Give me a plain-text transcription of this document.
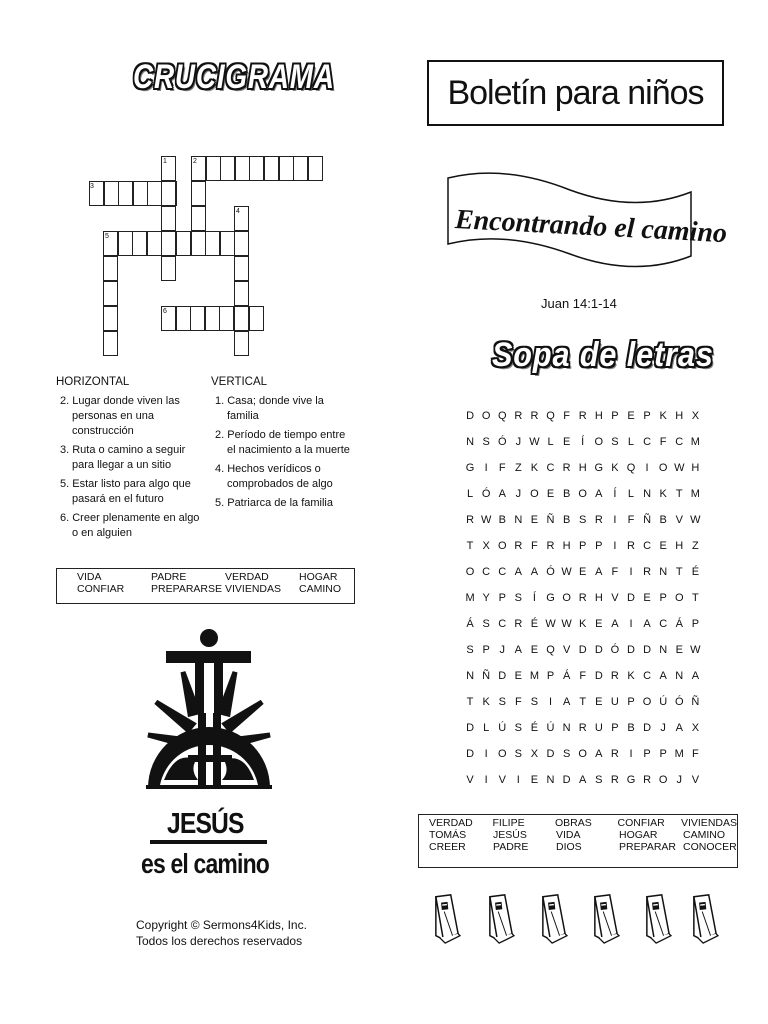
CRUCIGRAMA
1	2
3
4
5
6
HORIZONTAL

2. Lugar donde viven las personas en una construcción

3. Ruta o camino a seguir para llegar a un sitio

5. Estar listo para algo que pasará en el futuro

6. Creer plenamente en algo o en alguien

VERTICAL

1. Casa; donde vive la familia

2. Período de tiempo entre el nacimiento a la muerte

4. Hechos verídicos o comprobados de algo

5. Patriarca de la familia

VIDA	PADRE	VERDAD	HOGAR
CONFIAR	PREPARARSE VIVIENDAS	CAMINO
JESÚS
es el camino
Copyright © Sermons4Kids, Inc.
Todos los derechos reservados
Boletín para niños
Encontrando el camino
Juan 14:1-14
Sopa de letras
D O Q R R Q F R H P E P K H X
N S Ó J W L E Í O S L C F C M
G I	F Z K C R H G K Q I O W H
L Ó A J O E B O A Í	L N K T M
R W B N E Ñ B S R I	F Ñ B V W
T X O R F R H P P I R C E H Z
O C C A A Ó W E A F	I R N T É
M Y P S Í G O R H V D E P O T
Á S C R É W W K E A I A C Á P
S P J A E Q V D D Ó D D N E W
N Ñ D E M P Á F D R K C A N A
T K S F S I A T E U P O Ú Ó Ñ
D L Ú S É Ú N R U P B D J A X
D I O S X D S O A R I P P M F
V I V I E N D A S R G R O J V
VERDAD	FILIPE	OBRAS	CONFIAR	VIVIENDAS
TOMÁS	JESÚS	VIDA	HOGAR	CAMINO
CREER	PADRE	DIOS	PREPARAR CONOCER
